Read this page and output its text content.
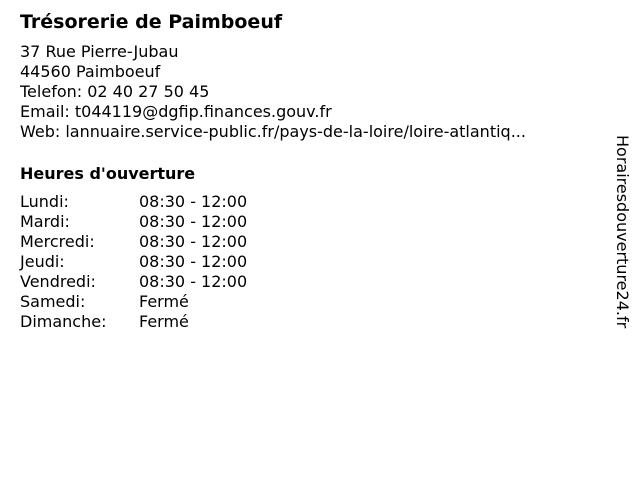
Trésorerie de Paimboeuf
37 Rue Pierre-Jubau
44560 Paimboeuf
Telefon: 02 40 27 50 45
Email: t044119@dgfip.finances.gouv.fr
Web: lannuaire.service-public.fr/pays-de-la-loire/loire-atlantiq...
Heures d'ouverture
Lundi:	08:30 - 12:00
Mardi:	08:30 - 12:00
Mercredi:	08:30 - 12:00
Jeudi:	08:30 - 12:00
Vendredi:	08:30 - 12:00
Samedi:	Fermé
Dimanche:	Fermé	Horairesdouverture24.fr
